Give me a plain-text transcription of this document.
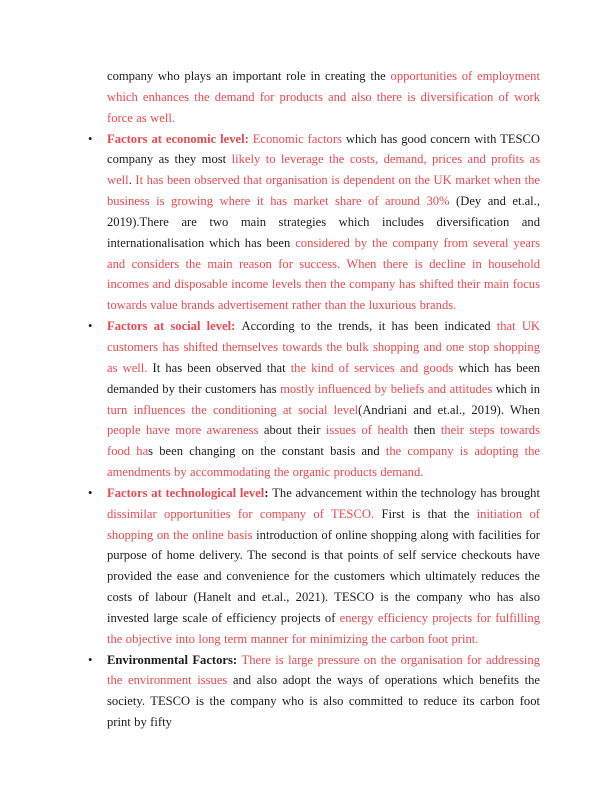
company who plays an important role in creating the opportunities of employment which enhances the demand for products and also there is diversification of work force as well.

• Factors at economic level: Economic factors which has good concern with TESCO company as they most likely to leverage the costs, demand, prices and profits as well. It has been observed that organisation is dependent on the UK market when the business is growing where it has market share of around 30% (Dey and et.al., 2019).There are two main strategies which includes diversification and internationalisation which has been considered by the company from several years and considers the main reason for success. When there is decline in household incomes and disposable income levels then the company has shifted their main focus towards value brands advertisement rather than the luxurious brands.

• Factors at social level: According to the trends, it has been indicated that UK customers has shifted themselves towards the bulk shopping and one stop shopping as well. It has been observed that the kind of services and goods which has been demanded by their customers has mostly influenced by beliefs and attitudes which in turn influences the conditioning at social level(Andriani and et.al., 2019). When people have more awareness about their issues of health then their steps towards food has been changing on the constant basis and the company is adopting the amendments by accommodating the organic products demand.

• Factors at technological level: The advancement within the technology has brought dissimilar opportunities for company of TESCO. First is that the initiation of shopping on the online basis introduction of online shopping along with facilities for purpose of home delivery. The second is that points of self service checkouts have provided the ease and convenience for the customers which ultimately reduces the costs of labour (Hanelt and et.al., 2021). TESCO is the company who has also invested large scale of efficiency projects of energy efficiency projects for fulfilling the objective into long term manner for minimizing the carbon foot print.

• Environmental Factors: There is large pressure on the organisation for addressing the environment issues and also adopt the ways of operations which benefits the society. TESCO is the company who is also committed to reduce its carbon foot print by fifty
